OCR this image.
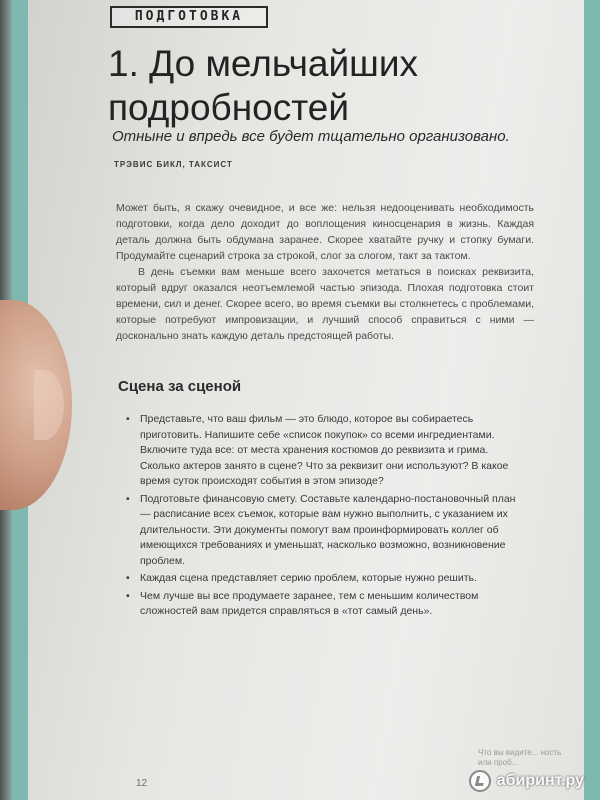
ПОДГОТОВКА
1. До мельчайших
подробностей
Отныне и впредь все будет тщательно организовано.
ТРЭВИС БИКЛ, ТАКСИСТ

Может быть, я скажу очевидное, и все же: нельзя недооценивать необходимость подготовки, когда дело доходит до воплощения киносценария в жизнь. Каждая деталь должна быть обдумана заранее. Скорее хватайте ручку и стопку бумаги. Продумайте сценарий строка за строкой, слог за слогом, такт за тактом.

В день съемки вам меньше всего захочется метаться в поисках реквизита, который вдруг оказался неотъемлемой частью эпизода. Плохая подготовка стоит времени, сил и денег. Скорее всего, во время съемки вы столкнетесь с проблемами, которые потребуют импровизации, и лучший способ справиться с ними — досконально знать каждую деталь предстоящей работы.

Сцена за сценой
• Представьте, что ваш фильм — это блюдо, которое вы собираетесь приготовить. Напишите себе «список покупок» со всеми ингредиентами. Включите туда все: от места хранения костюмов до реквизита и грима. Сколько актеров занято в сцене? Что за реквизит они используют? В какое время суток происходят события в этом эпизоде?
• Подготовьте финансовую смету. Составьте календарно-постановочный план — расписание всех съемок, которые вам нужно выполнить, с указанием их длительности. Эти документы помогут вам проинформировать коллег об имеющихся требованиях и уменьшат, насколько возможно, возникновение проблем.
• Каждая сцена представляет серию проблем, которые нужно решить.
• Чем лучше вы все продумаете заранее, тем с меньшим количеством сложностей вам придется справляться в «тот самый день».
12
Что вы видите... ность или проб...
абиринт.ру
